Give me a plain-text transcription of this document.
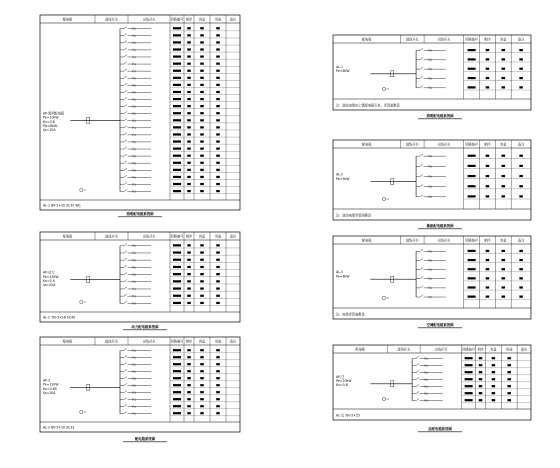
配电箱	进线开关	出线开关	回路编号 相序 容量	用途	备注
AP-照明配电箱
Pe=10kW
Kx=0.8
Pjs=8kW
Ijs=15A
AL-1 BV-5×10 SC32 WC
照明配电箱系统图
配电箱	进线开关	出线开关	回路编号 相序 容量	用途	备注
AP-动力
Pe=15kW
Kx=0.9
Ijs=25A
AL-2 YJV-5×16 SC40
动力配电箱系统图
配电箱	进线开关	出线开关	回路编号 相序 容量	用途	备注
AP-3
Pe=12kW
Kx=0.85
Ijs=20A
AL-3 BV-5×10 SC32
配电箱系统图
配电箱	进线开关	出线开关	回路编号 相序	容量	备注
AL-1
Pe=6kW
注：进线电缆由上级配电箱引来，穿管暗敷设
照明配电箱系统图
配电箱	进线开关	出线开关	回路编号 相序	容量	备注
AL-2
Pe=5kW
注：进线电缆穿管暗敷设
插座配电箱系统图
配电箱	进线开关	出线开关	回路编号 相序	容量	备注
AL-3
Pe=8kW
注：电缆穿管暗敷设
空调配电箱系统图
配电箱	进线开关	出线开关	回路编号 相序 容量	用途	备注
AP-总
Pe=20kW
Kx=0.8
AL-总 YJV-5×25
总配电箱系统图
